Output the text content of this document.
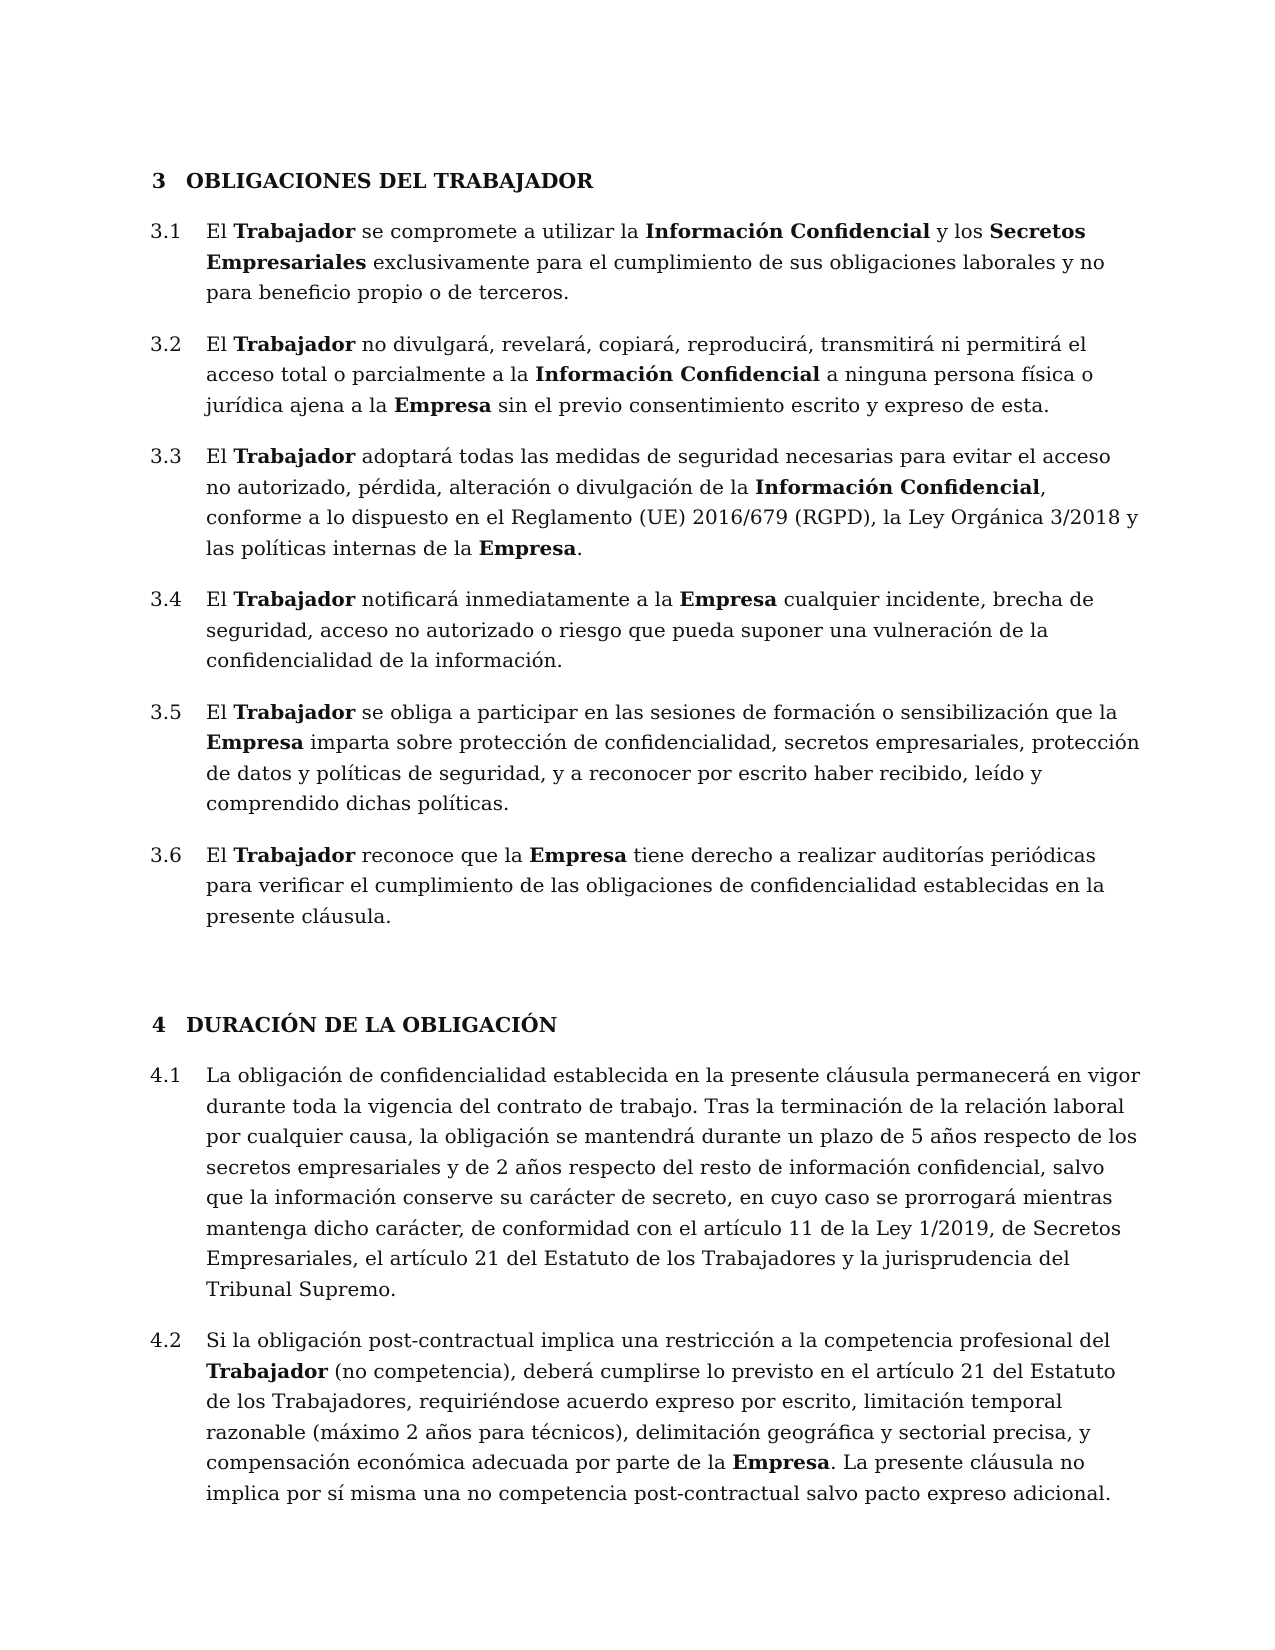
3 OBLIGACIONES DEL TRABAJADOR
3.1	El Trabajador se compromete a utilizar la Información Confidencial y los Secretos Empresariales exclusivamente para el cumplimiento de sus obligaciones laborales y no para beneficio propio o de terceros.
3.2	El Trabajador no divulgará, revelará, copiará, reproducirá, transmitirá ni permitirá el acceso total o parcialmente a la Información Confidencial a ninguna persona física o jurídica ajena a la Empresa sin el previo consentimiento escrito y expreso de esta.
3.3	El Trabajador adoptará todas las medidas de seguridad necesarias para evitar el acceso no autorizado, pérdida, alteración o divulgación de la Información Confidencial, conforme a lo dispuesto en el Reglamento (UE) 2016/679 (RGPD), la Ley Orgánica 3/2018 y las políticas internas de la Empresa.
3.4	El Trabajador notificará inmediatamente a la Empresa cualquier incidente, brecha de seguridad, acceso no autorizado o riesgo que pueda suponer una vulneración de la confidencialidad de la información.
3.5	El Trabajador se obliga a participar en las sesiones de formación o sensibilización que la Empresa imparta sobre protección de confidencialidad, secretos empresariales, protección de datos y políticas de seguridad, y a reconocer por escrito haber recibido, leído y comprendido dichas políticas.
3.6	El Trabajador reconoce que la Empresa tiene derecho a realizar auditorías periódicas para verificar el cumplimiento de las obligaciones de confidencialidad establecidas en la presente cláusula.
4 DURACIÓN DE LA OBLIGACIÓN
4.1	La obligación de confidencialidad establecida en la presente cláusula permanecerá en vigor durante toda la vigencia del contrato de trabajo. Tras la terminación de la relación laboral por cualquier causa, la obligación se mantendrá durante un plazo de 5 años respecto de los secretos empresariales y de 2 años respecto del resto de información confidencial, salvo que la información conserve su carácter de secreto, en cuyo caso se prorrogará mientras mantenga dicho carácter, de conformidad con el artículo 11 de la Ley 1/2019, de Secretos Empresariales, el artículo 21 del Estatuto de los Trabajadores y la jurisprudencia del Tribunal Supremo.
4.2	Si la obligación post-contractual implica una restricción a la competencia profesional del Trabajador (no competencia), deberá cumplirse lo previsto en el artículo 21 del Estatuto de los Trabajadores, requiriéndose acuerdo expreso por escrito, limitación temporal razonable (máximo 2 años para técnicos), delimitación geográfica y sectorial precisa, y compensación económica adecuada por parte de la Empresa. La presente cláusula no implica por sí misma una no competencia post-contractual salvo pacto expreso adicional.
